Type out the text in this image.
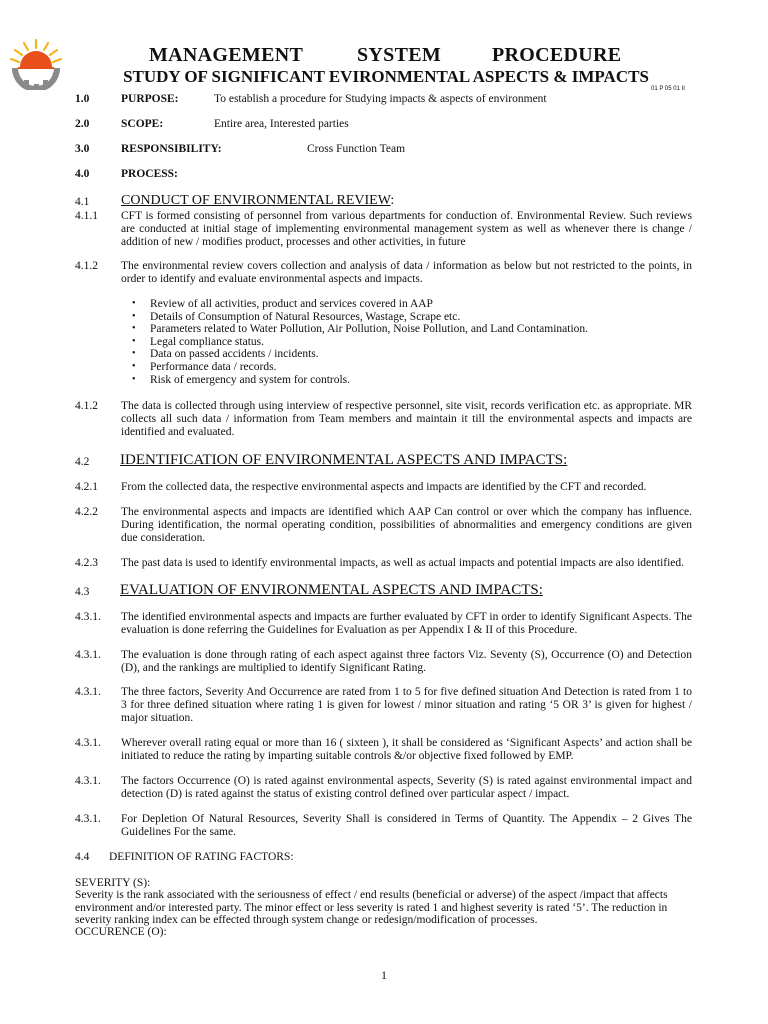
MANAGEMENT	SYSTEM	PROCEDURE
STUDY OF SIGNIFICANT EVIRONMENTAL ASPECTS & IMPACTS
01 P 05 01 II
1.0	PURPOSE:	To establish a procedure for Studying impacts & aspects of environment
2.0	SCOPE:	Entire area, Interested parties
3.0	RESPONSIBILITY:	Cross Function Team
4.0	PROCESS:
4.1 CONDUCT OF ENVIRONMENTAL REVIEW:
4.1.1 CFT is formed consisting of personnel from various departments for conduction of. Environmental Review. Such reviews are conducted at initial stage of implementing environmental management system as well as whenever there is change / addition of new / modifies product, processes and other activities, in future
4.1.2 The environmental review covers collection and analysis of data / information as below but not restricted to the points, in order to identify and evaluate environmental aspects and impacts.
• Review of all activities, product and services covered in AAP
• Details of Consumption of Natural Resources, Wastage, Scrape etc.
• Parameters related to Water Pollution, Air Pollution, Noise Pollution, and Land Contamination.
• Legal compliance status.
• Data on passed accidents / incidents.
• Performance data / records.
• Risk of emergency and system for controls.
4.1.2 The data is collected through using interview of respective personnel, site visit, records verification etc. as appropriate. MR collects all such data / information from Team members and maintain it till the environmental aspects and impacts are identified and evaluated.
4.2 IDENTIFICATION OF ENVIRONMENTAL ASPECTS AND IMPACTS:
4.2.1 From the collected data, the respective environmental aspects and impacts are identified by the CFT and recorded.
4.2.2 The environmental aspects and impacts are identified which AAP Can control or over which the company has influence. During identification, the normal operating condition, possibilities of abnormalities and emergency conditions are given due consideration.
4.2.3 The past data is used to identify environmental impacts, as well as actual impacts and potential impacts are also identified.
4.3 EVALUATION OF ENVIRONMENTAL ASPECTS AND IMPACTS:
4.3.1. The identified environmental aspects and impacts are further evaluated by CFT in order to identify Significant Aspects. The evaluation is done referring the Guidelines for Evaluation as per Appendix I & II of this Procedure.
4.3.1. The evaluation is done through rating of each aspect against three factors Viz. Seventy (S), Occurrence (O) and Detection (D), and the rankings are multiplied to identify Significant Rating.
4.3.1. The three factors, Severity And Occurrence are rated from 1 to 5 for five defined situation And Detection is rated from 1 to 3 for three defined situation where rating 1 is given for lowest / minor situation and rating ‘5 OR 3’ is given for highest / major situation.
4.3.1. Wherever overall rating equal or more than 16 ( sixteen ), it shall be considered as ‘Significant Aspects’ and action shall be initiated to reduce the rating by imparting suitable controls &/or objective fixed followed by EMP.
4.3.1. The factors Occurrence (O) is rated against environmental aspects, Severity (S) is rated against environmental impact and detection (D) is rated against the status of existing control defined over particular aspect / impact.
4.3.1. For Depletion Of Natural Resources, Severity Shall is considered in Terms of Quantity. The Appendix – 2 Gives The Guidelines For the same.
4.4 DEFINITION OF RATING FACTORS:
SEVERITY (S):
Severity is the rank associated with the seriousness of effect / end results (beneficial or adverse) of the aspect /impact that affects environment and/or interested party. The minor effect or less severity is rated 1 and highest severity is rated ‘5’. The reduction in severity ranking index can be effected through system change or redesign/modification of processes.
OCCURENCE (O):
1
